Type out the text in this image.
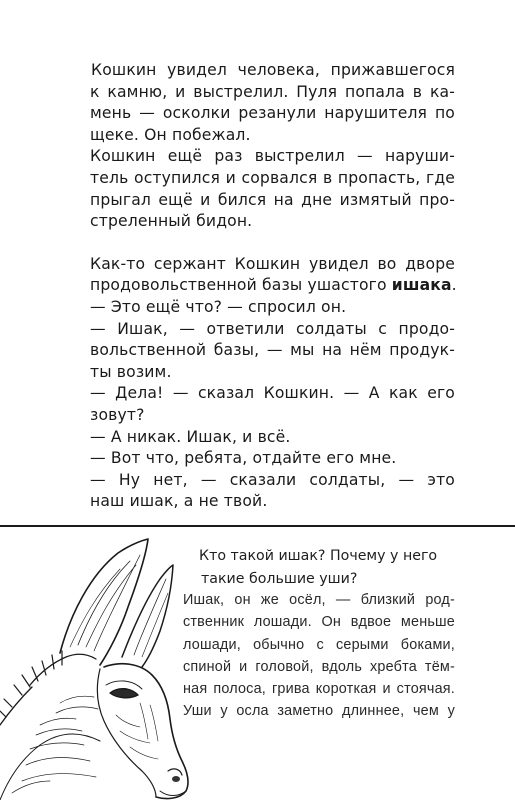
Кошкин увидел человека, прижавшегося
к камню, и выстрелил. Пуля попала в ка-
мень — осколки резанули нарушителя по
щеке. Он побежал.
Кошкин ещё раз выстрелил — наруши-
тель оступился и сорвался в пропасть, где
прыгал ещё и бился на дне измятый про-
стреленный бидон.
Как-то сержант Кошкин увидел во дворе
продовольственной базы ушастого ишака.
— Это ещё что? — спросил он.
— Ишак, — ответили солдаты с продо-
вольственной базы, — мы на нём продук-
ты возим.
— Дела! — сказал Кошкин. — А как его
зовут?
— А никак. Ишак, и всё.
— Вот что, ребята, отдайте его мне.
— Ну нет, — сказали солдаты, — это
наш ишак, а не твой.
Кто такой ишак? Почему у него
такие большие уши?
Ишак, он же осёл, — близкий род-
ственник лошади. Он вдвое меньше
лошади, обычно с серыми боками,
спиной и головой, вдоль хребта тём-
ная полоса, грива короткая и стоячая.
Уши у осла заметно длиннее, чем у
